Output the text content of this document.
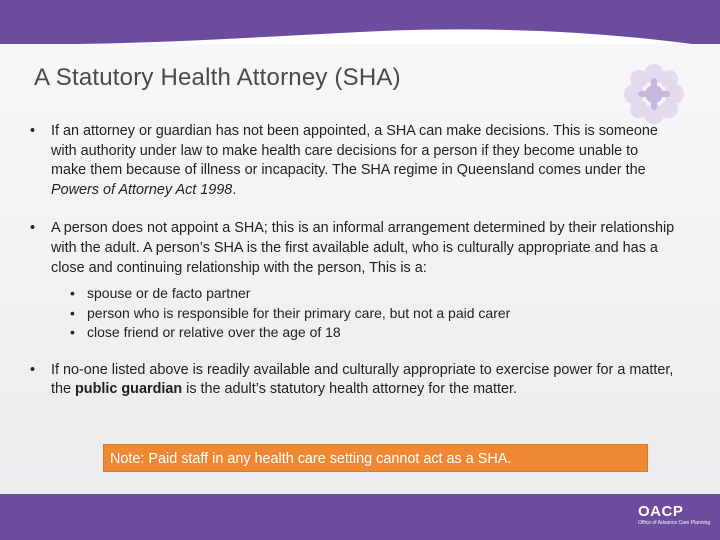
A Statutory Health Attorney (SHA)

• If an attorney or guardian has not been appointed, a SHA can make decisions. This is someone with authority under law to make health care decisions for a person if they become unable to make them because of illness or incapacity. The SHA regime in Queensland comes under the Powers of Attorney Act 1998.

• A person does not appoint a SHA; this is an informal arrangement determined by their relationship with the adult. A person’s SHA is the first available adult, who is culturally appropriate and has a close and continuing relationship with the person, This is a:

• spouse or de facto partner
• person who is responsible for their primary care, but not a paid carer
• close friend or relative over the age of 18

• If no-one listed above is readily available and culturally appropriate to exercise power for a matter, the public guardian is the adult’s statutory health attorney for the matter.

Note: Paid staff in any health care setting cannot act as a SHA.
OACP
Office of Advance Care Planning
